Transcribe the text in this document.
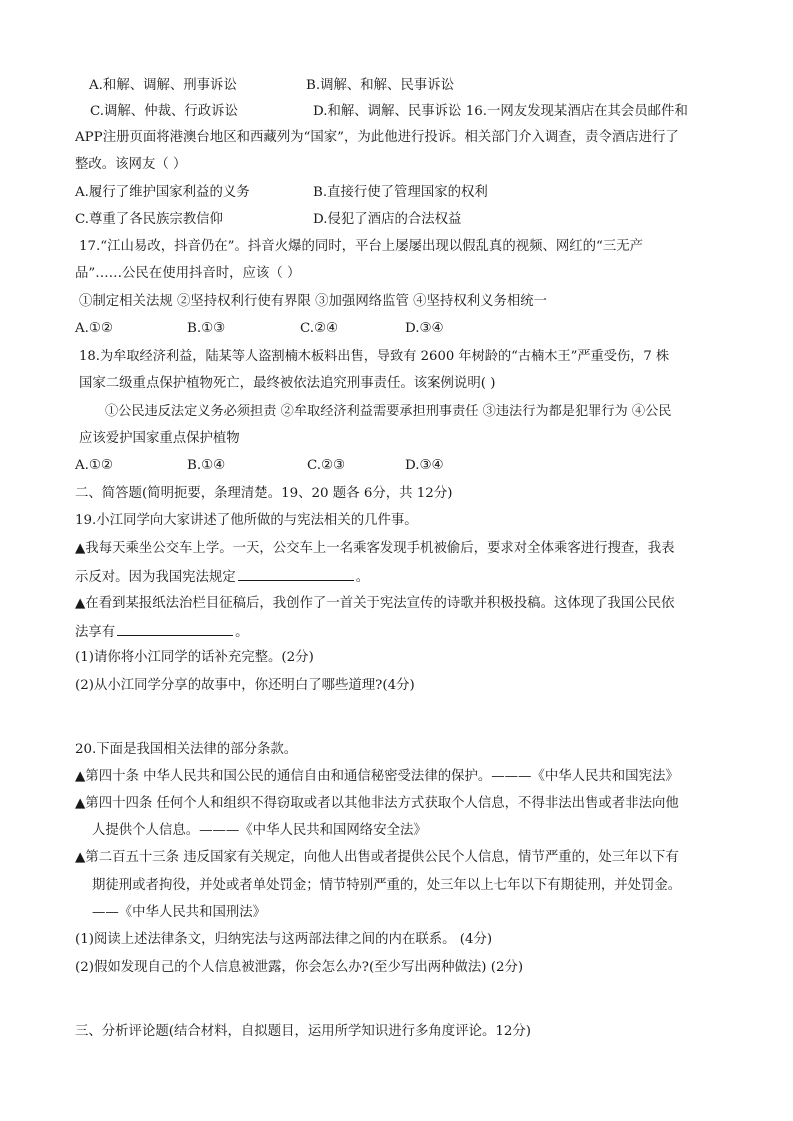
A.和解、调解、刑事诉讼	B.调解、和解、民事诉讼
C.调解、仲裁、行政诉讼	D.和解、调解、民事诉讼 16.一网友发现某酒店在其会员邮件和
APP注册页面将港澳台地区和西藏列为“国家”，为此他进行投诉。相关部门介入调查，责令酒店进行了
整改。该网友（ ）
A.履行了维护国家利益的义务	B.直接行使了管理国家的权利
C.尊重了各民族宗教信仰	D.侵犯了酒店的合法权益
17.“江山易改，抖音仍在”。抖音火爆的同时，平台上屡屡出现以假乱真的视频、网红的“三无产
品”……公民在使用抖音时，应该（ ）
①制定相关法规 ②坚持权利行使有界限 ③加强网络监管 ④坚持权利义务相统一
A.①②	B.①③	C.②④	D.③④
18.为牟取经济利益，陆某等人盗割楠木板料出售，导致有 2600 年树龄的“古楠木王”严重受伤，7 株
国家二级重点保护植物死亡，最终被依法追究刑事责任。该案例说明( )
①公民违反法定义务必须担责 ②牟取经济利益需要承担刑事责任 ③违法行为都是犯罪行为 ④公民
应该爱护国家重点保护植物
A.①②	B.①④	C.②③	D.③④
二、简答题(简明扼要，条理清楚。19、20 题各 6分，共 12分)
19.小江同学向大家讲述了他所做的与宪法相关的几件事。
▲我每天乘坐公交车上学。一天，公交车上一名乘客发现手机被偷后，要求对全体乘客进行搜查，我表
示反对。因为我国宪法规定	。
▲在看到某报纸法治栏目征稿后，我创作了一首关于宪法宣传的诗歌并积极投稿。这体现了我国公民依
法享有	。
(1)请你将小江同学的话补充完整。(2分)
(2)从小江同学分享的故事中，你还明白了哪些道理?(4分)
20.下面是我国相关法律的部分条款。
▲第四十条 中华人民共和国公民的通信自由和通信秘密受法律的保护。———《中华人民共和国宪法》
▲第四十四条 任何个人和组织不得窃取或者以其他非法方式获取个人信息，不得非法出售或者非法向他
人提供个人信息。———《中华人民共和国网络安全法》
▲第二百五十三条 违反国家有关规定，向他人出售或者提供公民个人信息，情节严重的，处三年以下有
期徒刑或者拘役，并处或者单处罚金；情节特别严重的，处三年以上七年以下有期徒刑，并处罚金。
——《中华人民共和国刑法》
(1)阅读上述法律条文，归纳宪法与这两部法律之间的内在联系。 (4分)
(2)假如发现自己的个人信息被泄露，你会怎么办?(至少写出两种做法) (2分)
三、分析评论题(结合材料，自拟题目，运用所学知识进行多角度评论。12分)
